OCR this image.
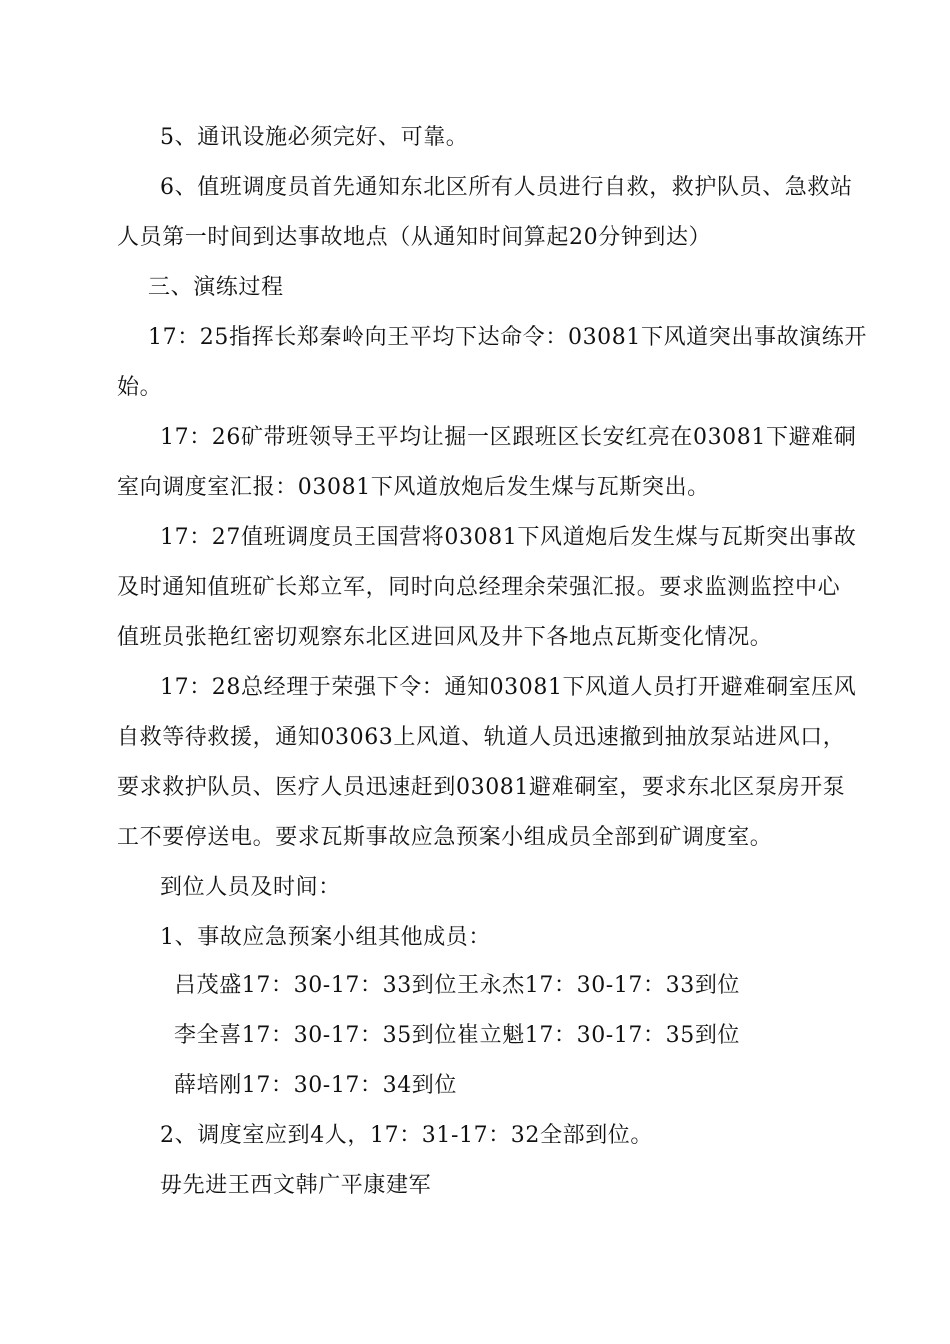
5、通讯设施必须完好、可靠。
6、值班调度员首先通知东北区所有人员进行自救，救护队员、急救站
人员第一时间到达事故地点（从通知时间算起20分钟到达）
三、演练过程
17：25指挥长郑秦岭向王平均下达命令：03081下风道突出事故演练开
始。
17：26矿带班领导王平均让掘一区跟班区长安红亮在03081下避难硐
室向调度室汇报：03081下风道放炮后发生煤与瓦斯突出。
17：27值班调度员王国营将03081下风道炮后发生煤与瓦斯突出事故
及时通知值班矿长郑立军，同时向总经理余荣强汇报。要求监测监控中心
值班员张艳红密切观察东北区进回风及井下各地点瓦斯变化情况。
17：28总经理于荣强下令：通知03081下风道人员打开避难硐室压风
自救等待救援，通知03063上风道、轨道人员迅速撤到抽放泵站进风口，
要求救护队员、医疗人员迅速赶到03081避难硐室，要求东北区泵房开泵
工不要停送电。要求瓦斯事故应急预案小组成员全部到矿调度室。
到位人员及时间：
1、事故应急预案小组其他成员：
吕茂盛17：30-17：33到位王永杰17：30-17：33到位
李全喜17：30-17：35到位崔立魁17：30-17：35到位
薛培刚17：30-17：34到位
2、调度室应到4人，17：31-17：32全部到位。
毋先进王西文韩广平康建军
